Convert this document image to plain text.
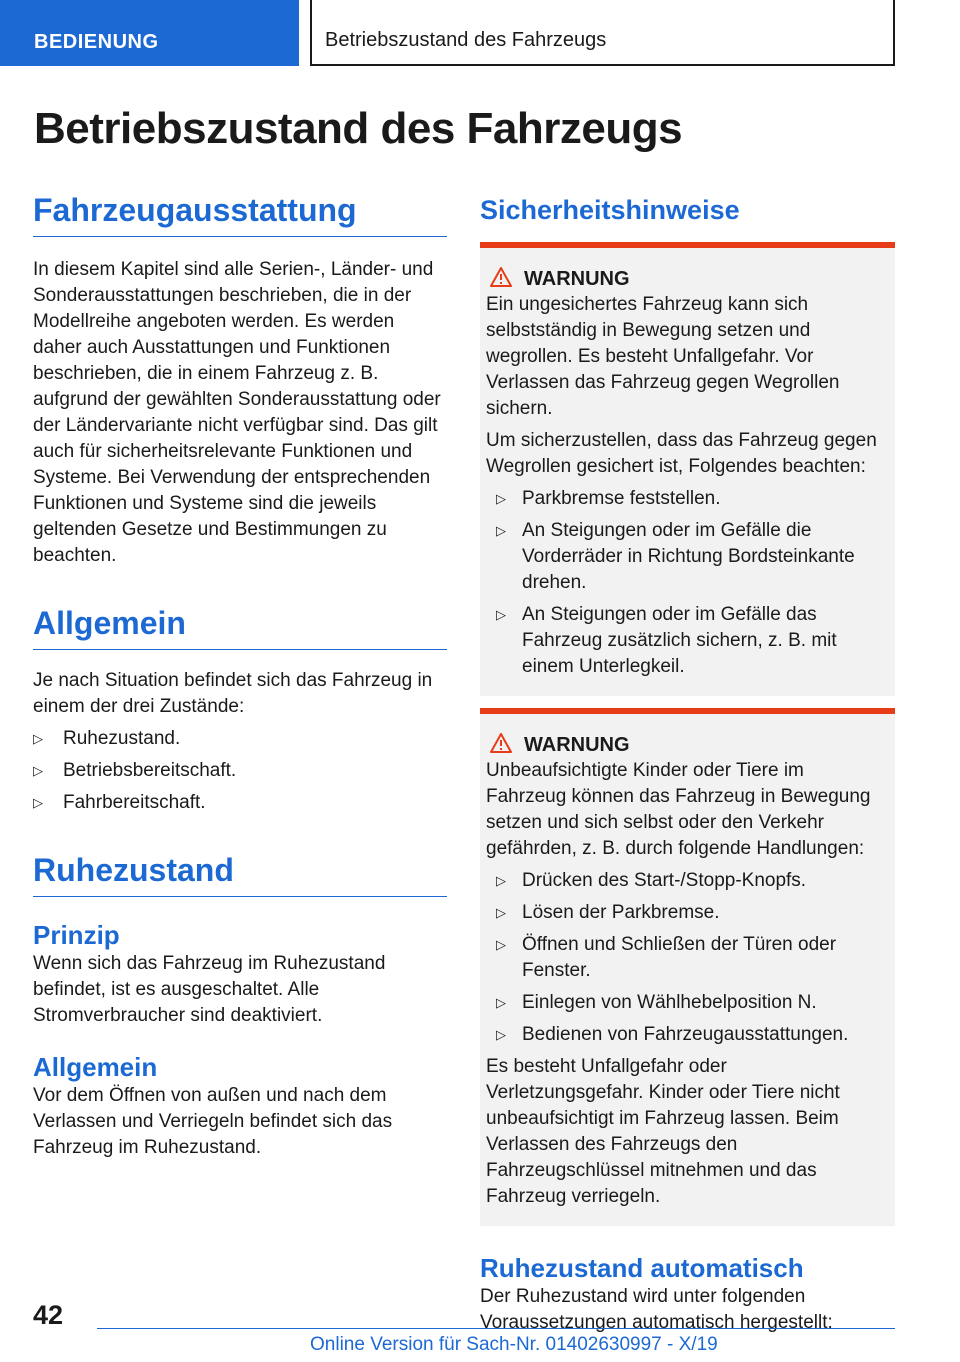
BEDIENUNG	Betriebszustand des Fahrzeugs
Betriebszustand des Fahrzeugs
Fahrzeugausstattung

In diesem Kapitel sind alle Serien-, Länder- und Sonderausstattungen beschrieben, die in der Modellreihe angeboten werden. Es werden daher auch Ausstattungen und Funktionen beschrieben, die in einem Fahrzeug z. B. aufgrund der gewählten Sonderausstattung oder der Ländervariante nicht verfügbar sind. Das gilt auch für sicherheitsrelevante Funktionen und Systeme. Bei Verwendung der entsprechenden Funktionen und Systeme sind die jeweils geltenden Gesetze und Bestimmungen zu beachten.

Allgemein

Je nach Situation befindet sich das Fahrzeug in einem der drei Zustände:

▷ Ruhezustand.
▷ Betriebsbereitschaft.
▷ Fahrbereitschaft.
Ruhezustand
Prinzip

Wenn sich das Fahrzeug im Ruhezustand befindet, ist es ausgeschaltet. Alle Stromverbraucher sind deaktiviert.

Allgemein

Vor dem Öffnen von außen und nach dem Verlassen und Verriegeln befindet sich das Fahrzeug im Ruhezustand.

Sicherheitshinweise
WARNUNG

Ein ungesichertes Fahrzeug kann sich selbstständig in Bewegung setzen und wegrollen. Es besteht Unfallgefahr. Vor Verlassen das Fahrzeug gegen Wegrollen sichern.

Um sicherzustellen, dass das Fahrzeug gegen Wegrollen gesichert ist, Folgendes beachten:

▷ Parkbremse feststellen.
▷ An Steigungen oder im Gefälle die Vorderräder in Richtung Bordsteinkante drehen.
▷ An Steigungen oder im Gefälle das Fahrzeug zusätzlich sichern, z. B. mit einem Unterlegkeil.
WARNUNG

Unbeaufsichtigte Kinder oder Tiere im Fahrzeug können das Fahrzeug in Bewegung setzen und sich selbst oder den Verkehr gefährden, z. B. durch folgende Handlungen:

▷ Drücken des Start-/Stopp-Knopfs.
▷ Lösen der Parkbremse.
▷ Öffnen und Schließen der Türen oder Fenster.
▷ Einlegen von Wählhebelposition N.
▷ Bedienen von Fahrzeugausstattungen.

Es besteht Unfallgefahr oder Verletzungsgefahr. Kinder oder Tiere nicht unbeaufsichtigt im Fahrzeug lassen. Beim Verlassen des Fahrzeugs den Fahrzeugschlüssel mitnehmen und das Fahrzeug verriegeln.

Ruhezustand automatisch

Der Ruhezustand wird unter folgenden Voraussetzungen automatisch hergestellt:

42

Online Version für Sach-Nr. 01402630997 - X/19
